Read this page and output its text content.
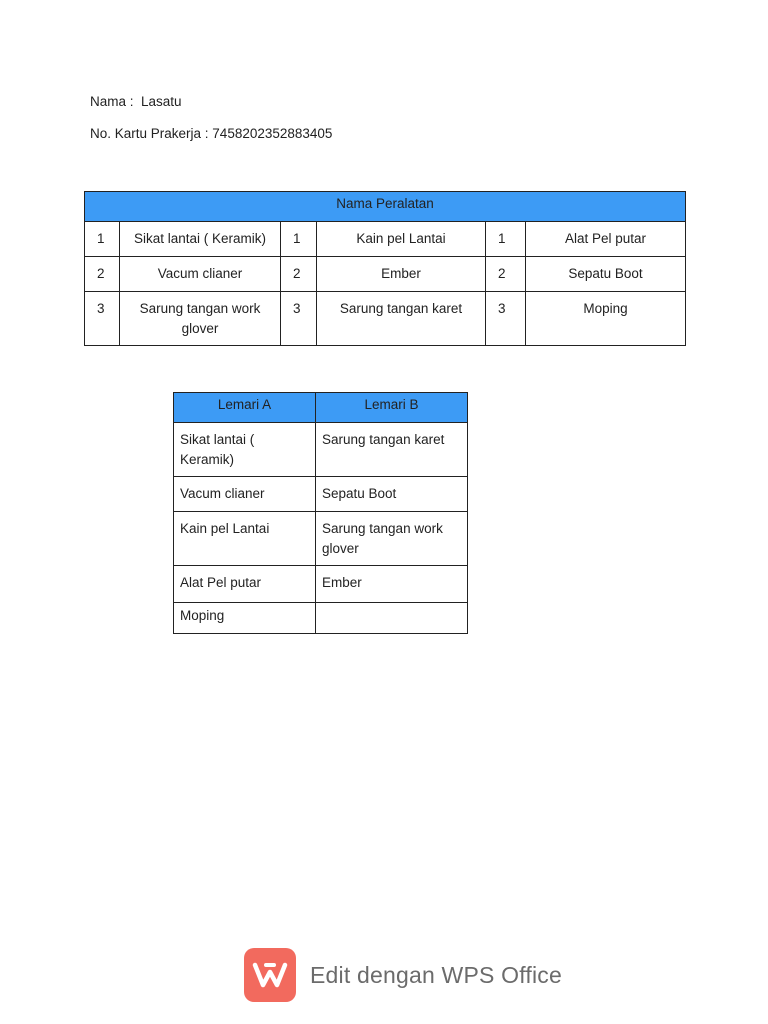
Nama :  Lasatu
No. Kartu Prakerja : 7458202352883405
Nama Peralatan					
1	Sikat lantai ( Keramik)	1	Kain pel Lantai	1	Alat Pel putar
2	Vacum clianer	2	Ember	2	Sepatu Boot
3	Sarung tangan work glover	3	Sarung tangan karet	3	Moping
Lemari A	Lemari B
Sikat lantai ( Keramik)	Sarung tangan karet
Vacum clianer	Sepatu Boot
Kain pel Lantai	Sarung tangan work glover
Alat Pel putar	Ember
Moping	
Edit dengan WPS Office
